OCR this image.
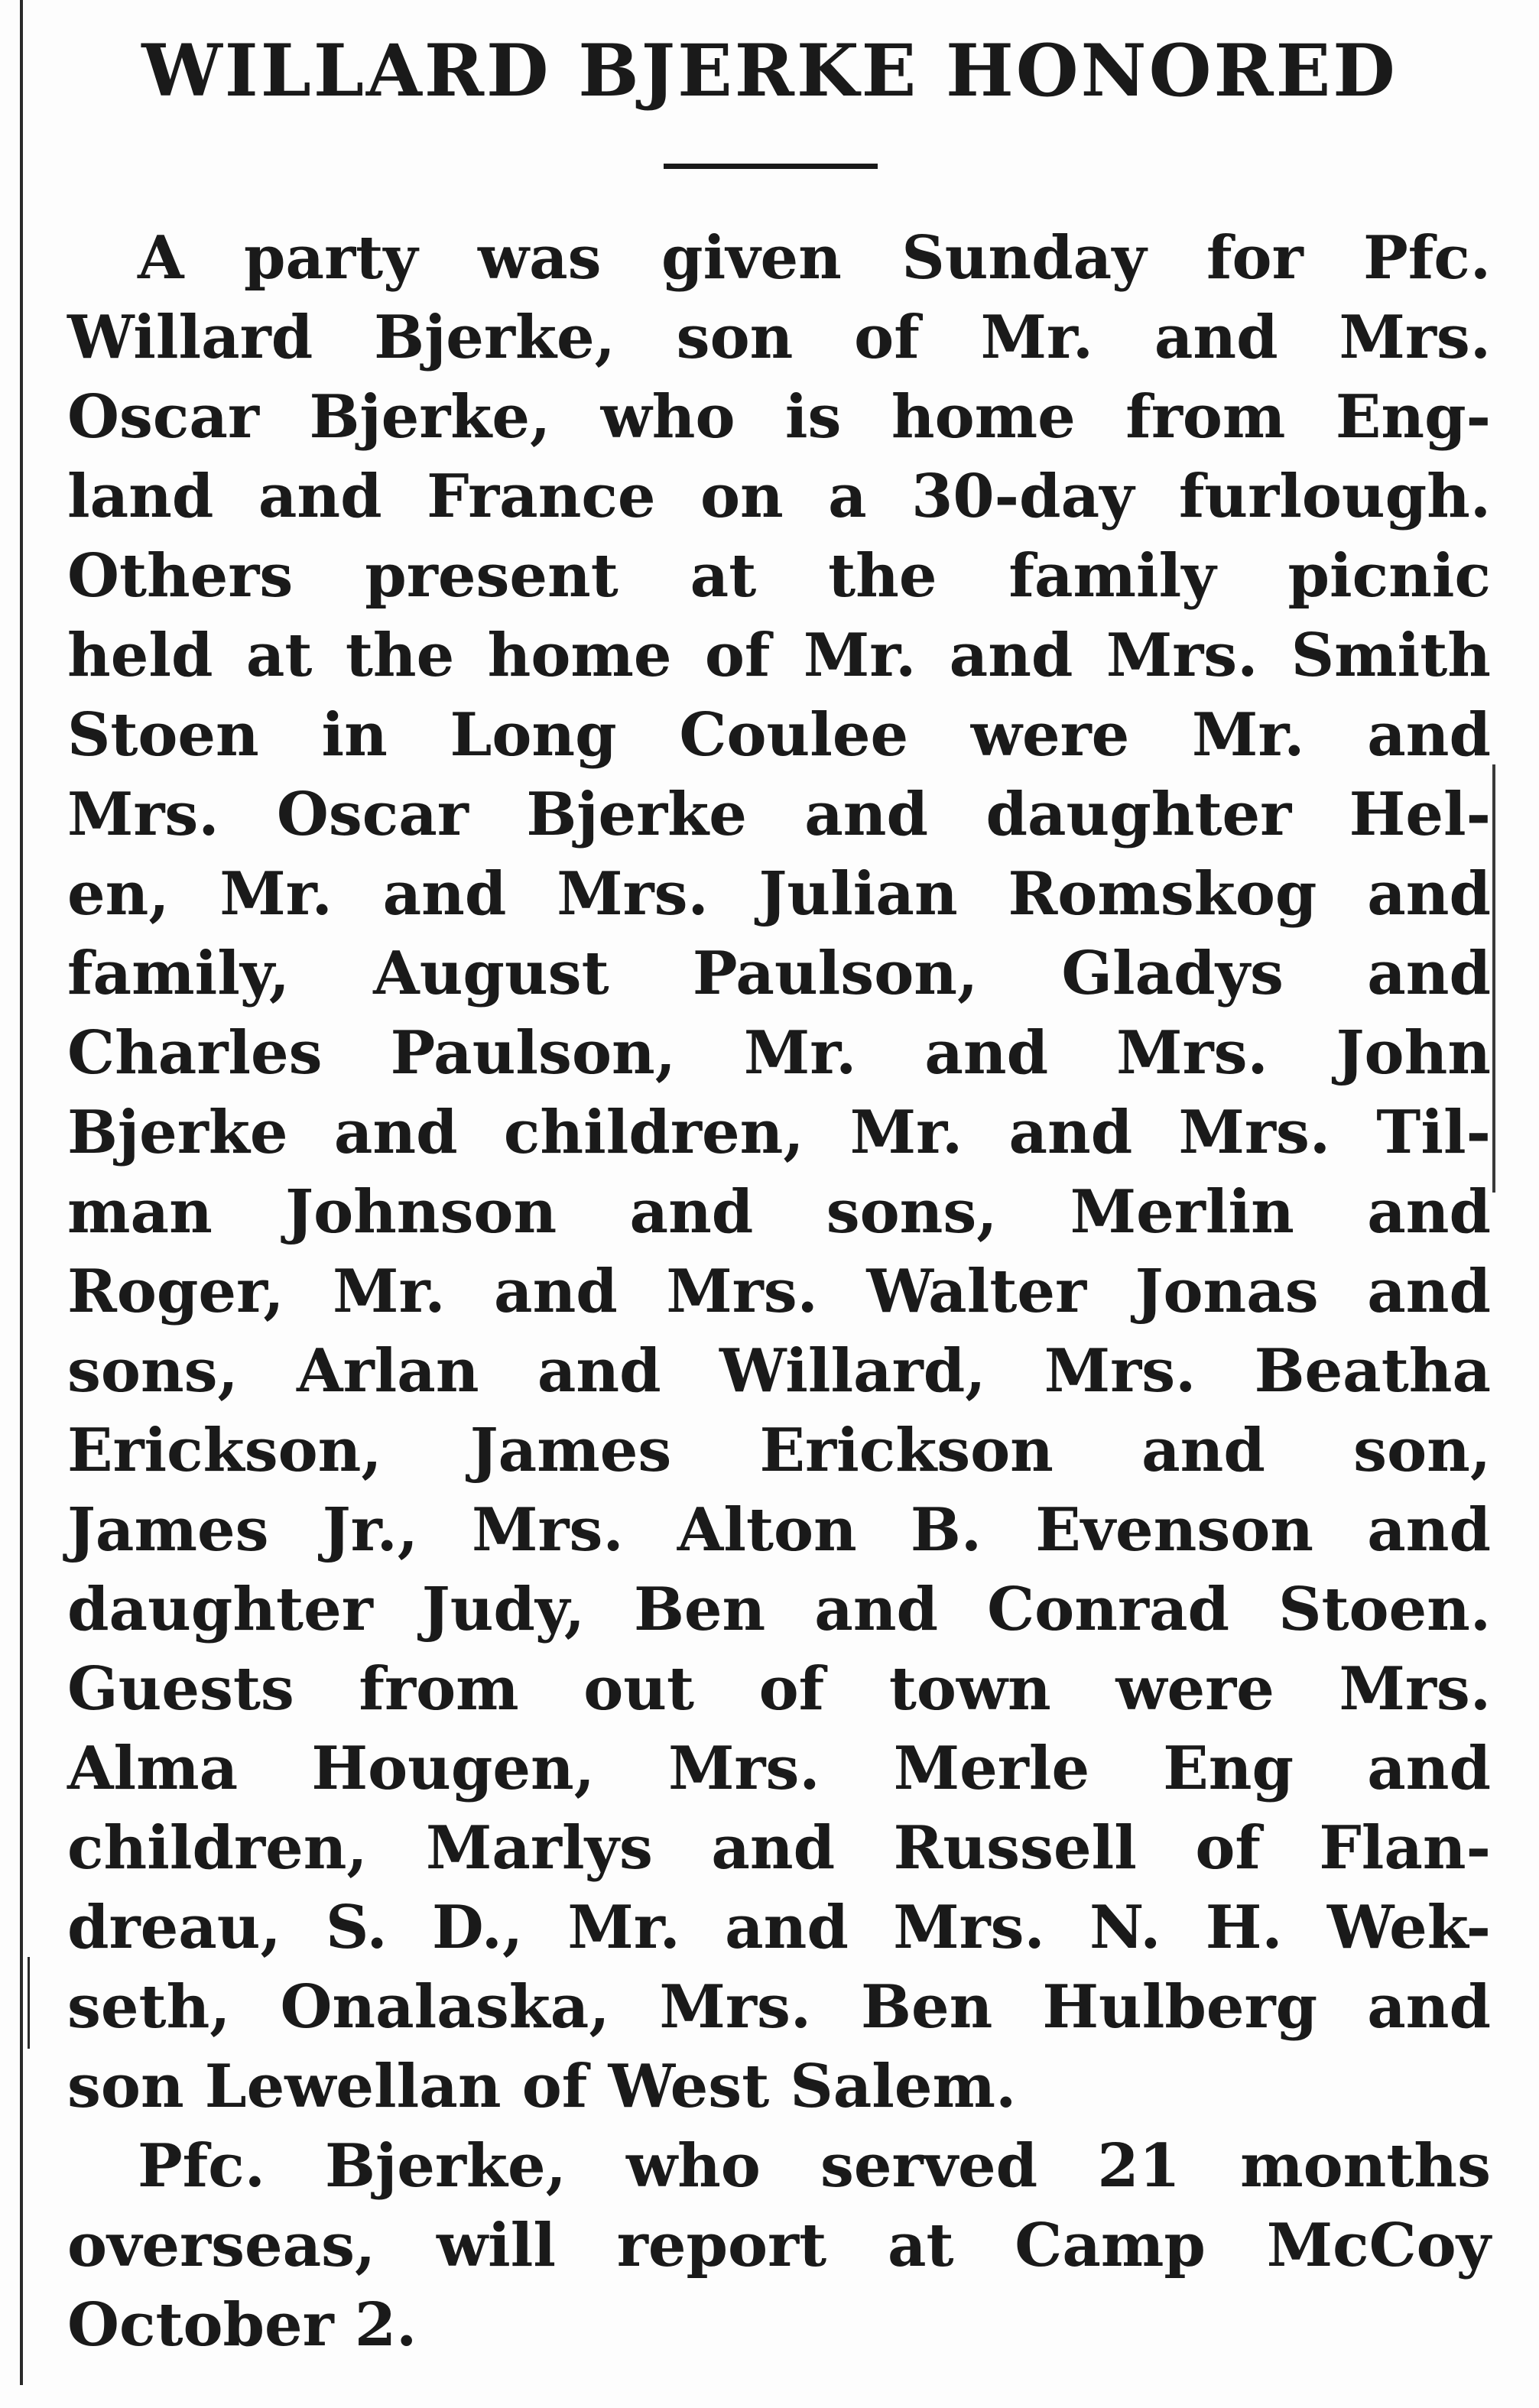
WILLARD BJERKE HONORED
A party was given Sunday for Pfc.
Willard Bjerke, son of Mr. and Mrs.
Oscar Bjerke, who is home from Eng-
land and France on a 30-day furlough.
Others present at the family picnic
held at the home of Mr. and Mrs. Smith
Stoen in Long Coulee were Mr. and
Mrs. Oscar Bjerke and daughter Hel-
en, Mr. and Mrs. Julian Romskog and
family, August Paulson, Gladys and
Charles Paulson, Mr. and Mrs. John
Bjerke and children, Mr. and Mrs. Til-
man Johnson and sons, Merlin and
Roger, Mr. and Mrs. Walter Jonas and
sons, Arlan and Willard, Mrs. Beatha
Erickson, James Erickson and son,
James Jr., Mrs. Alton B. Evenson and
daughter Judy, Ben and Conrad Stoen.
Guests from out of town were Mrs.
Alma Hougen, Mrs. Merle Eng and
children, Marlys and Russell of Flan-
dreau, S. D., Mr. and Mrs. N. H. Wek-
seth, Onalaska, Mrs. Ben Hulberg and
son Lewellan of West Salem.
Pfc. Bjerke, who served 21 months
overseas, will report at Camp McCoy
October 2.
